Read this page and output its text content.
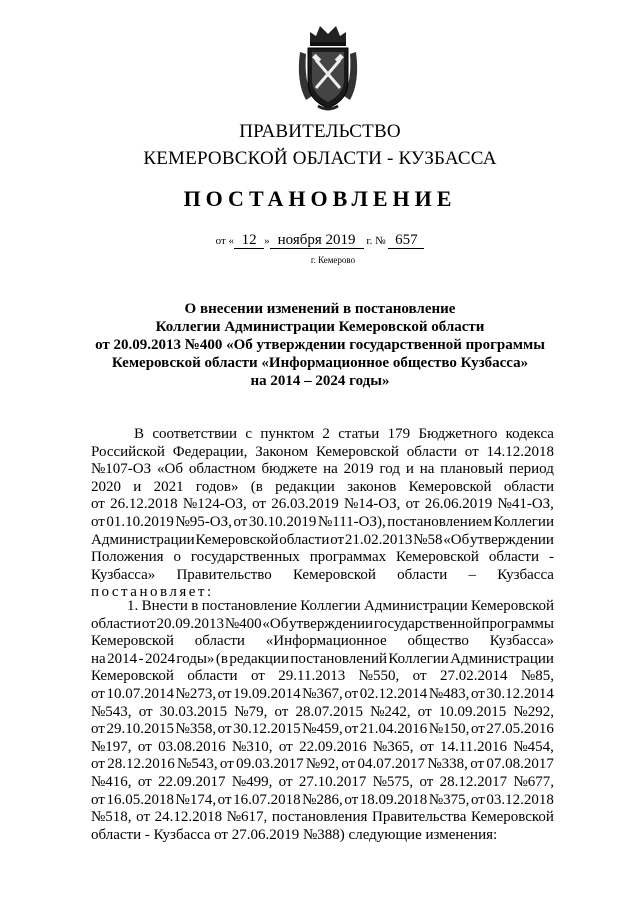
ПРАВИТЕЛЬСТВО
КЕМЕРОВСКОЙ ОБЛАСТИ - КУЗБАССА
ПОСТАНОВЛЕНИЕ
от « 12 » ноября 2019 г. № 657
г. Кемерово
О внесении изменений в постановление
Коллегии Администрации Кемеровской области
от 20.09.2013 №400 «Об утверждении государственной программы
Кемеровской области «Информационное общество Кузбасса»
на 2014 – 2024 годы»
В соответствии с пунктом 2 статьи 179 Бюджетного кодекса
Российской Федерации, Законом Кемеровской области от 14.12.2018
№107-ОЗ «Об областном бюджете на 2019 год и на плановый период
2020 и 2021 годов» (в редакции законов Кемеровской области
от 26.12.2018 №124-ОЗ, от 26.03.2019 №14-ОЗ, от 26.06.2019 №41-ОЗ,
от 01.10.2019 №95-ОЗ, от 30.10.2019 №111-ОЗ), постановлением Коллегии
Администрации Кемеровской области от 21.02.2013 №58 «Об утверждении
Положения о государственных программах Кемеровской области -
Кузбасса» Правительство Кемеровской области – Кузбасса
постановляет:
1. Внести в постановление Коллегии Администрации Кемеровской
области от 20.09.2013 №400 «Об утверждении государственной программы
Кемеровской области «Информационное общество Кузбасса»
на 2014 - 2024 годы» (в редакции постановлений Коллегии Администрации
Кемеровской области от 29.11.2013 №550, от 27.02.2014 №85,
от 10.07.2014 №273, от 19.09.2014 №367, от 02.12.2014 №483, от 30.12.2014
№543, от 30.03.2015 №79, от 28.07.2015 №242, от 10.09.2015 №292,
от 29.10.2015 №358, от 30.12.2015 №459, от 21.04.2016 №150, от 27.05.2016
№197, от 03.08.2016 №310, от 22.09.2016 №365, от 14.11.2016 №454,
от 28.12.2016 №543, от 09.03.2017 №92, от 04.07.2017 №338, от 07.08.2017
№416, от 22.09.2017 №499, от 27.10.2017 №575, от 28.12.2017 №677,
от 16.05.2018 №174, от 16.07.2018 №286, от 18.09.2018 №375, от 03.12.2018
№518, от 24.12.2018 №617, постановления Правительства Кемеровской
области - Кузбасса от 27.06.2019 №388) следующие изменения:
